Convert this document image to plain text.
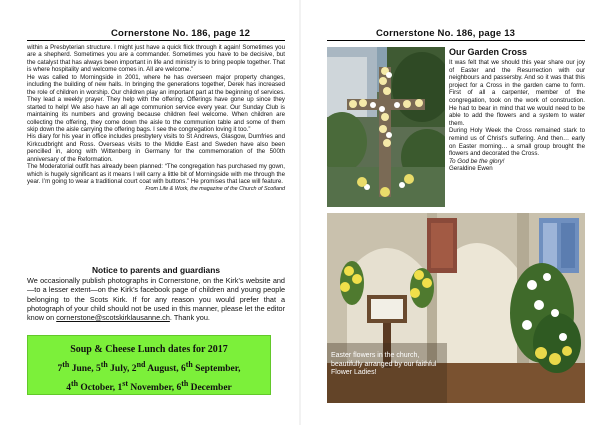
Cornerstone No. 186, page 12

within a Presbyterian structure. I might just have a quick flick through it again! Sometimes you are a shepherd. Sometimes you are a commander. Sometimes you have to be decisive, but the catalyst that has always been important in life and ministry is to bring people together. That is where hospitality and welcome comes in. All are welcome.”

He was called to Morningside in 2001, where he has overseen major property changes, including the building of new halls. In bringing the generations together, Derek has increased the role of children in worship. Our children play an important part at the beginning of services. They lead a weekly prayer. They help with the offering. Offerings have gone up since they started to help! We also have an all age communion service every year. Our Sunday Club is maintaining its numbers and growing because children feel welcome. When children are collecting the offering, they come down the aisle to the communion table and some of them skip down the aisle carrying the offering bags. I see the congregation loving it too.”

His diary for his year in office includes presbytery visits to St Andrews, Glasgow, Dumfries and Kirkcudbright and Ross. Overseas visits to the Middle East and Sweden have also been pencilled in, along with Wittenberg in Germany for the commemoration of the 500th anniversary of the Reformation.

The Moderatorial outfit has already been planned: “The congregation has purchased my gown, which is hugely significant as it means I will carry a little bit of Morningside with me through the year. I’m going to wear a traditional court coat with buttons.” He promises that lace will feature.

From Life & Work, the magazine of the Church of Scotland

Notice to parents and guardians
We occasionally publish photographs in Cornerstone, on the Kirk’s website and—to a lesser extent—on the Kirk’s facebook page of children and young people belonging to the Scots Kirk. If for any reason you would prefer that a photograph of your child should not be used in this manner, please let the editor know on cornerstone@scotskirklausanne.ch. Thank you.
Soup & Cheese Lunch dates for 2017
7th June, 5th July, 2nd August, 6th September,
4th October, 1st November, 6th December
Cornerstone No. 186, page 13
Our Garden Cross
It was felt that we should this year share our joy of Easter and the Resurrection with our neighbours and passersby. And so it was that this project for a Cross in the garden came to form. First of all a carpenter, member of the congregation, took on the work of construction. He had to bear in mind that we would need to be able to add the flowers and a system to water them.
During Holy Week the Cross remained stark to remind us of Christ’s suffering. And then… early on Easter morning… a small group brought the flowers and decorated the Cross.
To God be the glory!
Geraldine Ewen
Easter flowers in the church, beautifully arranged by our faithful Flower Ladies!
